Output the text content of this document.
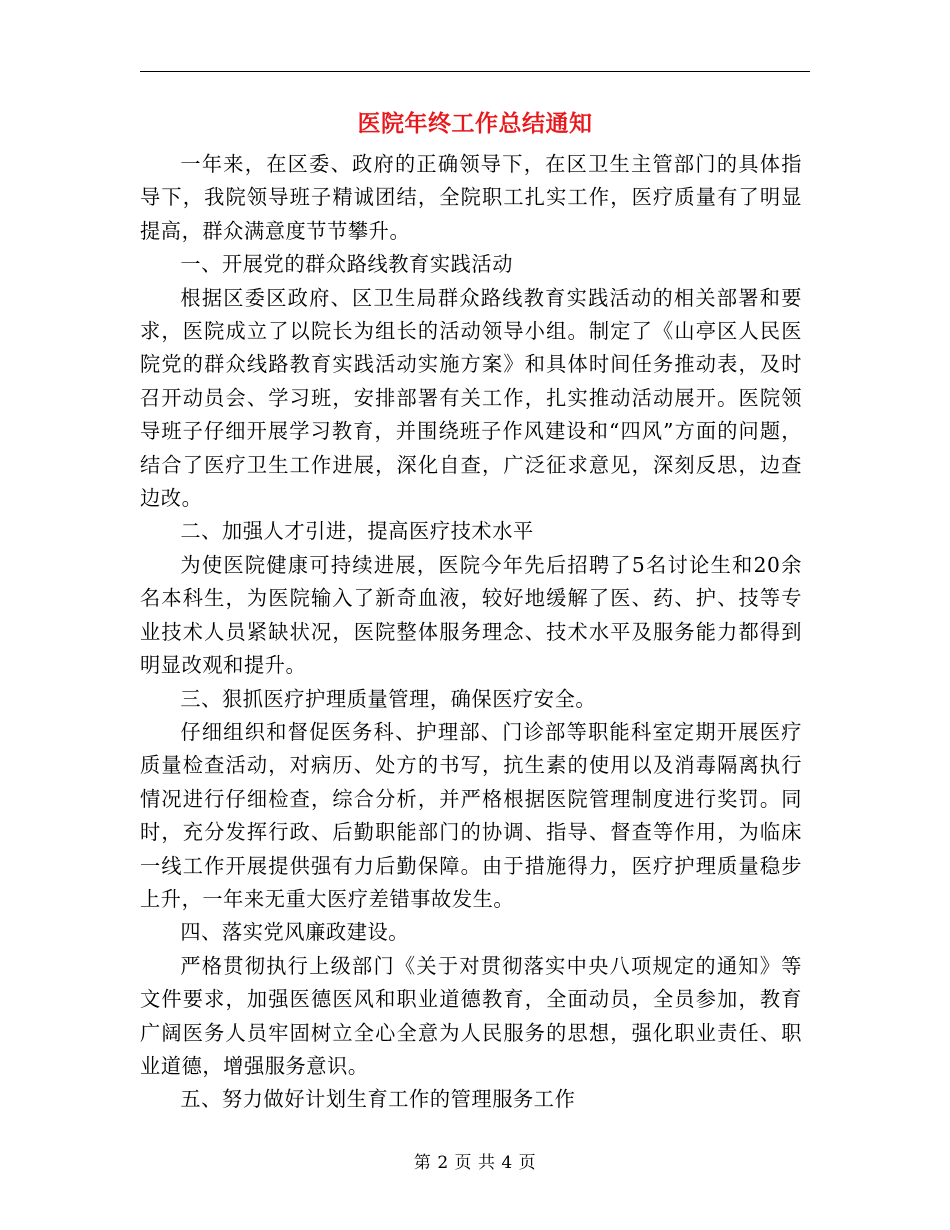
医院年终工作总结通知

一年来，在区委、政府的正确领导下，在区卫生主管部门的具体指导下，我院领导班子精诚团结，全院职工扎实工作，医疗质量有了明显提高，群众满意度节节攀升。

一、开展党的群众路线教育实践活动

根据区委区政府、区卫生局群众路线教育实践活动的相关部署和要求，医院成立了以院长为组长的活动领导小组。制定了《山亭区人民医院党的群众线路教育实践活动实施方案》和具体时间任务推动表，及时召开动员会、学习班，安排部署有关工作，扎实推动活动展开。医院领导班子仔细开展学习教育，并围绕班子作风建设和“四风”方面的问题，结合了医疗卫生工作进展，深化自查，广泛征求意见，深刻反思，边查边改。

二、加强人才引进，提高医疗技术水平

为使医院健康可持续进展，医院今年先后招聘了5名讨论生和20余名本科生，为医院输入了新奇血液，较好地缓解了医、药、护、技等专业技术人员紧缺状况，医院整体服务理念、技术水平及服务能力都得到明显改观和提升。

三、狠抓医疗护理质量管理，确保医疗安全。

仔细组织和督促医务科、护理部、门诊部等职能科室定期开展医疗质量检查活动，对病历、处方的书写，抗生素的使用以及消毒隔离执行情况进行仔细检查，综合分析，并严格根据医院管理制度进行奖罚。同时，充分发挥行政、后勤职能部门的协调、指导、督查等作用，为临床一线工作开展提供强有力后勤保障。由于措施得力，医疗护理质量稳步上升，一年来无重大医疗差错事故发生。

四、落实党风廉政建设。

严格贯彻执行上级部门《关于对贯彻落实中央八项规定的通知》等文件要求，加强医德医风和职业道德教育，全面动员，全员参加，教育广阔医务人员牢固树立全心全意为人民服务的思想，强化职业责任、职业道德，增强服务意识。

五、努力做好计划生育工作的管理服务工作

第 2 页 共 4 页
